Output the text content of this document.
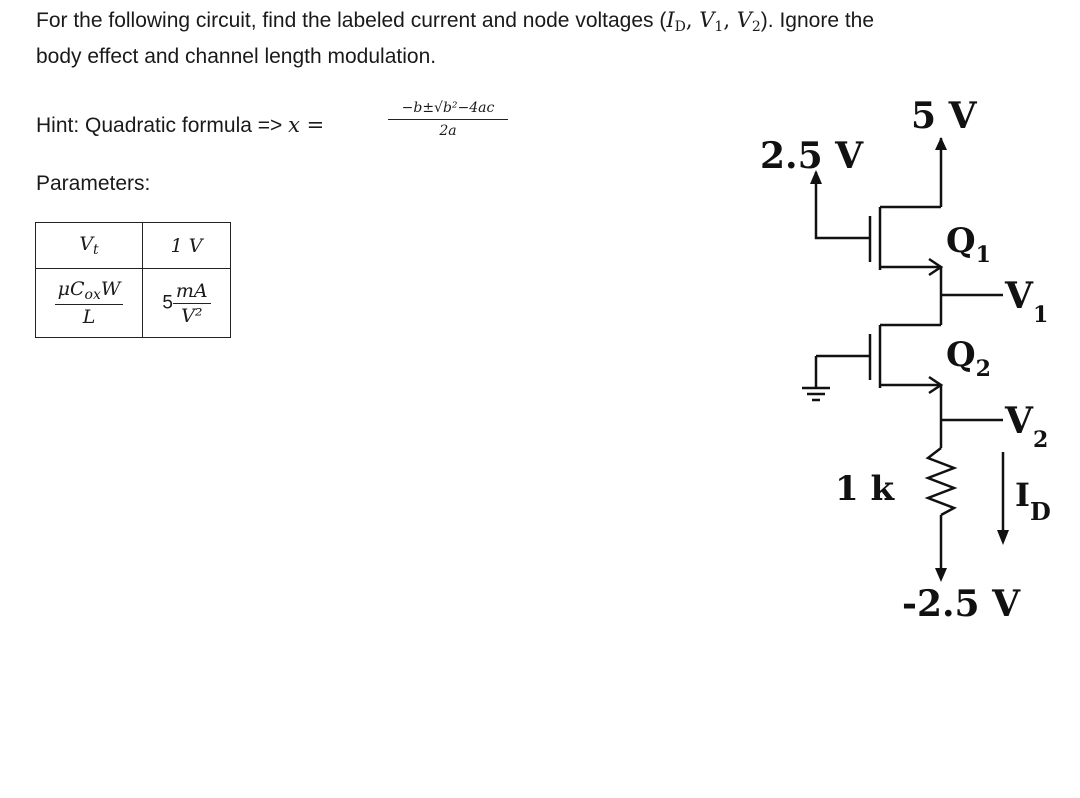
For the following circuit, find the labeled current and node voltages ($I_D$, $V_1$, $V_2$). Ignore the
body effect and channel length modulation.
Hint: Quadratic formula => x =	$\frac{\text{−b±√b²−4ac}}{2a}$
Parameters:
$V_t$	1 V

$\mu C_{ox}W$
L	$5 \frac{mA}{\text{V²}}$
5 V
2.5 V
$Q_1$
$Q_2$
$V_1$
$V_2$
1 k	$I_D$
-2.5 V
